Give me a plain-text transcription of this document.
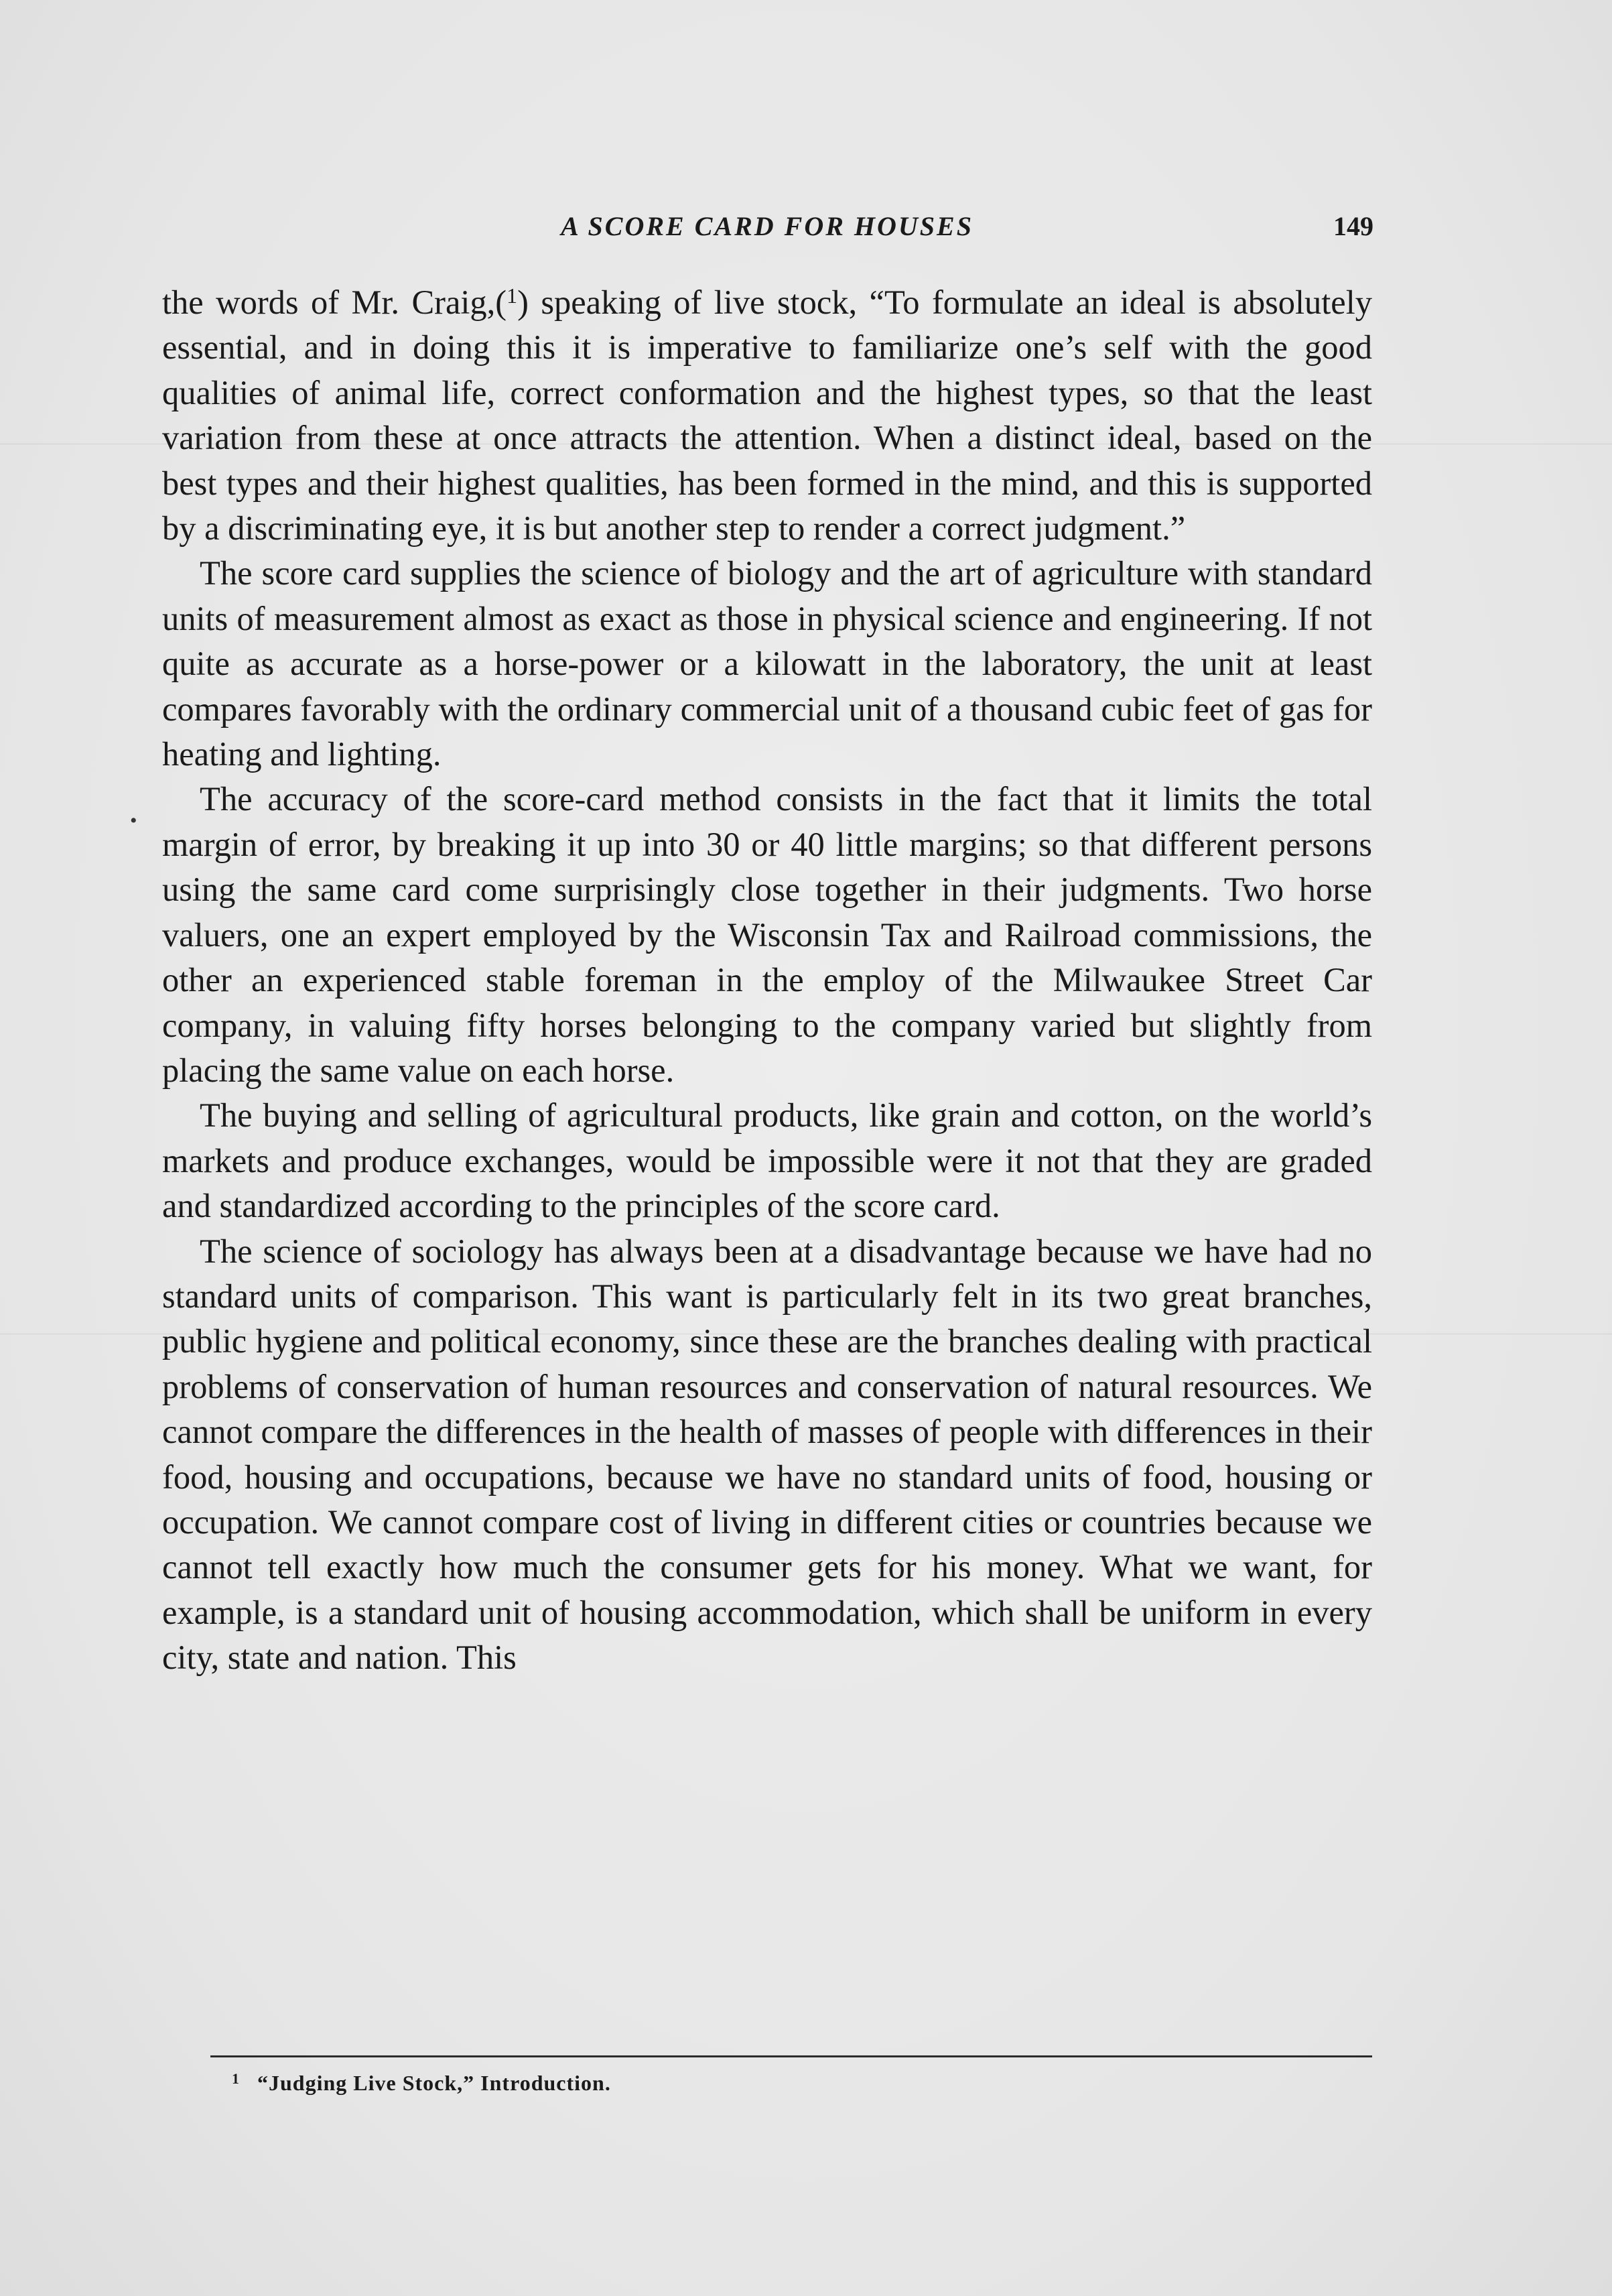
A SCORE CARD FOR HOUSES	149
•

the words of Mr. Craig,($^1$) speaking of live stock, “To formulate an ideal is absolutely essential, and in doing this it is imperative to familiarize one’s self with the good qualities of animal life, correct conformation and the highest types, so that the least variation from these at once attracts the attention. When a distinct ideal, based on the best types and their highest qualities, has been formed in the mind, and this is supported by a discriminating eye, it is but another step to render a correct judgment.”

The score card supplies the science of biology and the art of agriculture with standard units of measurement almost as exact as those in physical science and engineering. If not quite as accurate as a horse-power or a kilowatt in the laboratory, the unit at least compares favorably with the ordinary commercial unit of a thousand cubic feet of gas for heating and lighting.

The accuracy of the score-card method consists in the fact that it limits the total margin of error, by breaking it up into 30 or 40 little margins; so that different persons using the same card come surprisingly close together in their judgments. Two horse valuers, one an expert employed by the Wisconsin Tax and Railroad commissions, the other an experienced stable foreman in the employ of the Milwaukee Street Car company, in valuing fifty horses belonging to the company varied but slightly from placing the same value on each horse.

The buying and selling of agricultural products, like grain and cotton, on the world’s markets and produce exchanges, would be impossible were it not that they are graded and standardized according to the principles of the score card.

The science of sociology has always been at a disadvantage because we have had no standard units of comparison. This want is particularly felt in its two great branches, public hygiene and political economy, since these are the branches dealing with practical problems of conservation of human resources and conservation of natural resources. We cannot compare the differences in the health of masses of people with differences in their food, housing and occupations, because we have no standard units of food, housing or occupation. We cannot compare cost of living in different cities or countries because we cannot tell exactly how much the consumer gets for his money. What we want, for example, is a standard unit of housing accommodation, which shall be uniform in every city, state and nation. This

$^1$ “Judging Live Stock,” Introduction.
